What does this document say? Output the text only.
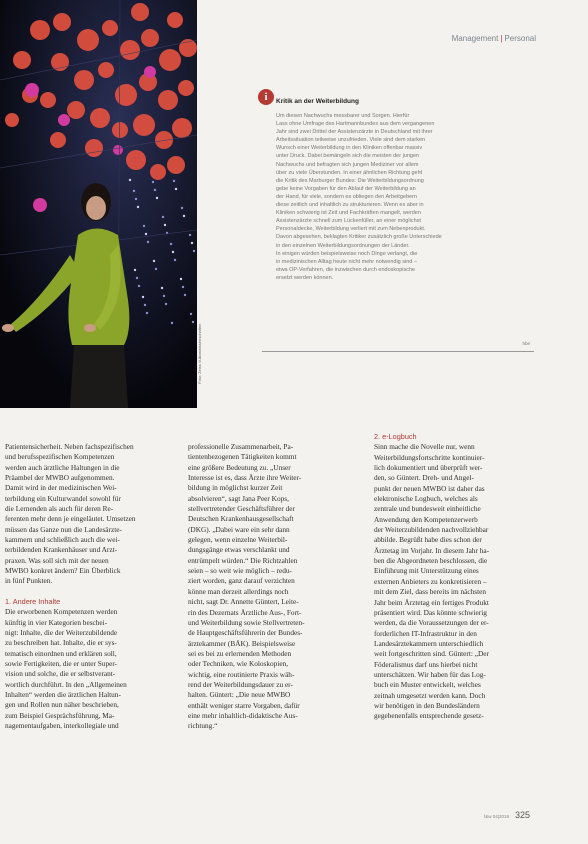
Foto: Zeiss Vulkanwissenschaften
Management | Personal
i	Kritik an der Weiterbildung
Um diesen Nachwuchs messbarer und Sorgen. Hierfür
Lass ohne Umfrage des Hartmannbundes aus dem vergangenen
Jahr sind zwei Drittel der Assistenzärzte in Deutschland mit ihrer
Arbeitssituation teilweise unzufrieden. Viele sind dem starken
Wunsch einer Weiterbildung in den Kliniken offenbar massiv
unter Druck. Dabei bemängeln sich die meisten der jungen
Nachwuchs und befragten sich jungen Mediziner vor allem
über zu viele Überstunden. In einer ähnlichen Richtung geht
die Kritik des Marburger Bundes: Die Weiterbildungsordnung
gebe keine Vorgaben für den Ablauf der Weiterbildung an
der Hand, für viele, sondern es obliegen den Arbeitgebern
diese zeitlich und inhaltlich zu strukturieren. Wenn es aber in
Kliniken schwierig ist Zeit und Fachkräften mangelt, werden
Assistenzärzte schnell zum Lückenfüller, an einer möglichst
Personaldecke, Weiterbildung verliert mit zum Nebenprodukt.
Davon abgesehen, beklagten Kritiker zusätzlich große Unterschiede
in den einzelnen Weiterbildungsordnungen der Länder.
In einigen würden beispielsweise noch Dinge verlangt, die
in medizinischen Alltag heute nicht mehr notwendig sind –
etwa OP-Verfahren, die inzwischen durch endoskopische
ersetzt werden können.
hbe
Patientensicherheit. Neben fachspezifischen
und berufsspezifischen Kompetenzen
werden auch ärztliche Haltungen in die
Präambel der MWBO aufgenommen.
Damit wird in der medizinischen Wei-
terbildung ein Kulturwandel sowohl für
die Lernenden als auch für deren Re-
ferenten mehr denn je eingeläutet. Umsetzen
müssen das Ganze nun die Landesärzte-
kammern und schließlich auch die wei-
terbildenden Krankenhäuser und Arzt-
praxen. Was soll sich mit der neuen
MWBO konkret ändern? Ein Überblick
in fünf Punkten.
1. Andere Inhalte
Die erworbenen Kompetenzen werden
künftig in vier Kategorien beschei-
nigt: Inhalte, die der Weiterzubildende
zu beschreiben hat. Inhalte, die er sys-
tematisch einordnen und erklären soll,
sowie Fertigkeiten, die er unter Super-
vision und solche, die er selbstverant-
wortlich durchführt. In den „Allgemeinen
Inhalten“ werden die ärztlichen Haltun-
gen und Rollen nun näher beschrieben,
zum Beispiel Gesprächsführung, Ma-
nagementaufgaben, interkollegiale und
professionelle Zusammenarbeit, Pa-
tientenbezogenen Tätigkeiten kommt
eine größere Bedeutung zu. „Unser
Interesse ist es, dass Ärzte ihre Weiter-
bildung in möglichst kurzer Zeit
absolvieren“, sagt Jana Peer Kops,
stellvertretender Geschäftsführer der
Deutschen Krankenhausgesellschaft
(DKG). „Dabei ware ein sehr dann
gelegen, wenn einzelne Weiterbil-
dungsgänge etwas verschlankt und
entrümpelt würden.“ Die Richtzahlen
seien – so weit wie möglich – redu-
ziert worden, ganz darauf verzichten
könne man derzeit allerdings noch
nicht, sagt Dr. Annette Güntert, Leite-
rin des Dezernats Ärztliche Aus-, Fort-
und Weiterbildung sowie Stellvertreten-
de Hauptgeschäftsführerin der Bundes-
ärztekammer (BÄK). Beispielsweise
sei es bei zu erlernenden Methoden
oder Techniken, wie Koloskopien,
wichtig, eine routinierte Praxis wäh-
rend der Weiterbildungsdauer zu er-
halten. Güntert: „Die neue MWBO
enthält weniger starre Vorgaben, dafür
eine mehr inhaltlich-didaktische Aus-
richtung.“
2. e-Logbuch
Sinn mache die Novelle nur, wenn
Weiterbildungsfortschritte kontinuier-
lich dokumentiert und überprüft wer-
den, so Güntert. Dreh- und Angel-
punkt der neuen MWBO ist daher das
elektronische Logbuch, welches als
zentrale und bundesweit einheitliche
Anwendung den Kompetenzerwerb
der Weiterzubildenden nachvollziehbar
abbilde. Begrüßt habe dies schon der
Ärztetag im Vorjahr. In diesem Jahr ha-
ben die Abgeordneten beschlossen, die
Einführung mit Unterstützung eines
externen Anbieters zu konkretisieren –
mit dem Ziel, dass bereits im nächsten
Jahr beim Ärztetag ein fertiges Produkt
präsentiert wird. Das könnte schwierig
werden, da die Voraussetzungen der er-
forderlichen IT-Infrastruktur in den
Landesärztekammern unterschiedlich
weit fortgeschritten sind. Güntert: „Der
Föderalismus darf uns hierbei nicht
unterschätzen. Wir haben für das Log-
buch ein Muster entwickelt, welches
zeitnah umgesetzt werden kann. Doch
wir benötigen in den Bundesländern
gegebenenfalls entsprechende gesetz-
f&w 04|2018 325
